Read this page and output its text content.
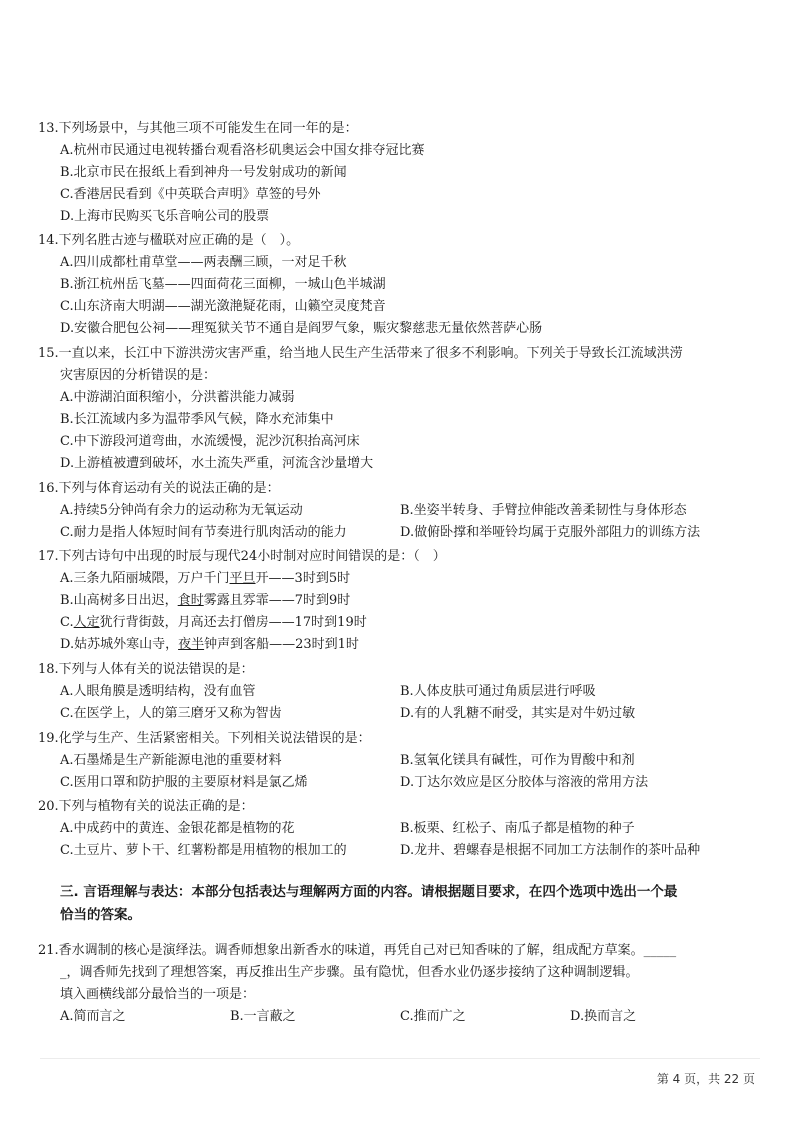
13.下列场景中，与其他三项不可能发生在同一年的是：
A.杭州市民通过电视转播台观看洛杉矶奥运会中国女排夺冠比赛
B.北京市民在报纸上看到神舟一号发射成功的新闻
C.香港居民看到《中英联合声明》草签的号外
D.上海市民购买飞乐音响公司的股票
14.下列名胜古迹与楹联对应正确的是（　）。
A.四川成都杜甫草堂——两表酬三顾，一对足千秋
B.浙江杭州岳飞墓——四面荷花三面柳，一城山色半城湖
C.山东济南大明湖——湖光潋滟疑花雨，山籁空灵度梵音
D.安徽合肥包公祠——理冤狱关节不通自是阎罗气象，赈灾黎慈悲无量依然菩萨心肠
15.一直以来，长江中下游洪涝灾害严重，给当地人民生产生活带来了很多不利影响。下列关于导致长江流域洪涝
灾害原因的分析错误的是：
A.中游湖泊面积缩小，分洪蓄洪能力减弱
B.长江流域内多为温带季风气候，降水充沛集中
C.中下游段河道弯曲，水流缓慢，泥沙沉积抬高河床
D.上游植被遭到破坏，水土流失严重，河流含沙量增大
16.下列与体育运动有关的说法正确的是：
A.持续5分钟尚有余力的运动称为无氧运动	B.坐姿半转身、手臂拉伸能改善柔韧性与身体形态
C.耐力是指人体短时间有节奏进行肌肉活动的能力	D.做俯卧撑和举哑铃均属于克服外部阻力的训练方法
17.下列古诗句中出现的时辰与现代24小时制对应时间错误的是：（　）
A.三条九陌丽城隈，万户千门平旦开——3时到5时
B.山高树多日出迟，食时雾露且雰霏——7时到9时
C.人定犹行背街鼓，月高还去打僧房——17时到19时
D.姑苏城外寒山寺，夜半钟声到客船——23时到1时
18.下列与人体有关的说法错误的是：
A.人眼角膜是透明结构，没有血管	B.人体皮肤可通过角质层进行呼吸
C.在医学上，人的第三磨牙又称为智齿	D.有的人乳糖不耐受，其实是对牛奶过敏
19.化学与生产、生活紧密相关。下列相关说法错误的是：
A.石墨烯是生产新能源电池的重要材料	B.氢氧化镁具有碱性，可作为胃酸中和剂
C.医用口罩和防护服的主要原材料是氯乙烯	D.丁达尔效应是区分胶体与溶液的常用方法
20.下列与植物有关的说法正确的是：
A.中成药中的黄连、金银花都是植物的花	B.板栗、红松子、南瓜子都是植物的种子
C.土豆片、萝卜干、红薯粉都是用植物的根加工的	D.龙井、碧螺春是根据不同加工方法制作的茶叶品种
三. 言语理解与表达：本部分包括表达与理解两方面的内容。请根据题目要求，在四个选项中选出一个最
恰当的答案。
21.香水调制的核心是演绎法。调香师想象出新香水的味道，再凭自己对已知香味的了解，组成配方草案。_____
_，调香师先找到了理想答案，再反推出生产步骤。虽有隐忧，但香水业仍逐步接纳了这种调制逻辑。
填入画横线部分最恰当的一项是：
A.简而言之	B.一言蔽之	C.推而广之	D.换而言之
第 4 页，共 22 页
